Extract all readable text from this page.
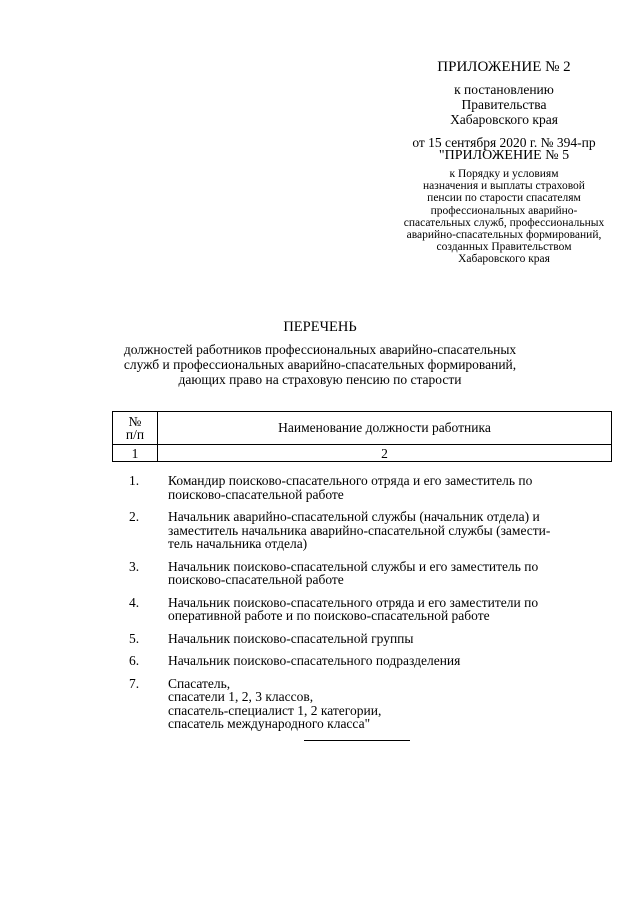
ПРИЛОЖЕНИЕ № 2
к постановлению
Правительства
Хабаровского края
от 15 сентября 2020 г. № 394-пр
"ПРИЛОЖЕНИЕ № 5
к Порядку и условиям
назначения и выплаты страховой
пенсии по старости спасателям
профессиональных аварийно-
спасательных служб, профессиональных
аварийно-спасательных формирований,
созданных Правительством
Хабаровского края
ПЕРЕЧЕНЬ
должностей работников профессиональных аварийно-спасательных
служб и профессиональных аварийно-спасательных формирований,
дающих право на страховую пенсию по старости
№
п/п	Наименование должности работника
1	2
1.	Командир поисково-спасательного отряда и его заместитель по
поисково-спасательной работе
2.	Начальник аварийно-спасательной службы (начальник отдела) и
заместитель начальника аварийно-спасательной службы (замести-
тель начальника отдела)
3.	Начальник поисково-спасательной службы и его заместитель по
поисково-спасательной работе
4.	Начальник поисково-спасательного отряда и его заместители по
оперативной работе и по поисково-спасательной работе
5.	Начальник поисково-спасательной группы
6.	Начальник поисково-спасательного подразделения
7.	Спасатель,
спасатели 1, 2, 3 классов,
спасатель-специалист 1, 2 категории,
спасатель международного класса"
